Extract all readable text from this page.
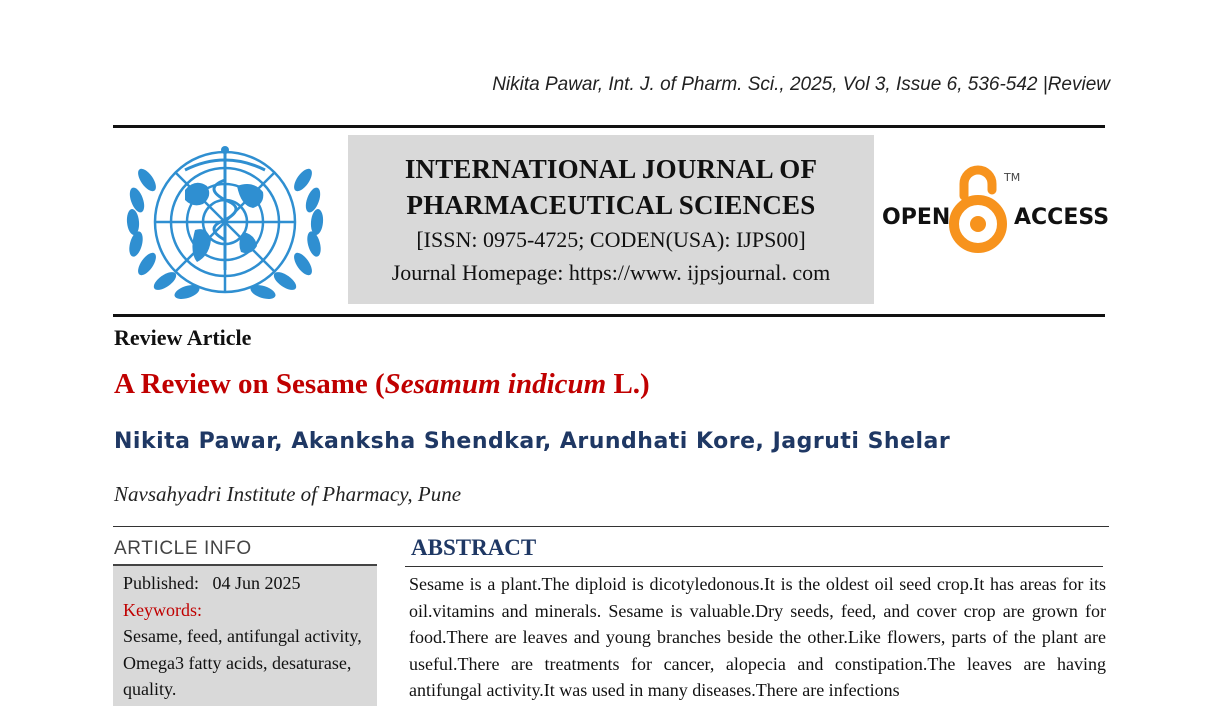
Nikita Pawar, Int. J. of Pharm. Sci., 2025, Vol 3, Issue 6, 536-542 |Review
INTERNATIONAL JOURNAL OF
PHARMACEUTICAL SCIENCES
[ISSN: 0975-4725; CODEN(USA): IJPS00]
Journal Homepage: https://www. ijpsjournal. com
OPEN	ACCESS
TM
Review Article
A Review on Sesame (Sesamum indicum L.)
Nikita Pawar, Akanksha Shendkar, Arundhati Kore, Jagruti Shelar
Navsahyadri Institute of Pharmacy, Pune
ARTICLE INFO
Published: 04 Jun 2025
Keywords:
Sesame, feed, antifungal activity, Omega3 fatty acids, desaturase, quality.
ABSTRACT
Sesame is a plant.The diploid is dicotyledonous.It is the oldest oil seed crop.It has areas for its oil.vitamins and minerals. Sesame is valuable.Dry seeds, feed, and cover crop are grown for food.There are leaves and young branches beside the other.Like flowers, parts of the plant are useful.There are treatments for cancer, alopecia and constipation.The leaves are having antifungal activity.It was used in many diseases.There are infections
